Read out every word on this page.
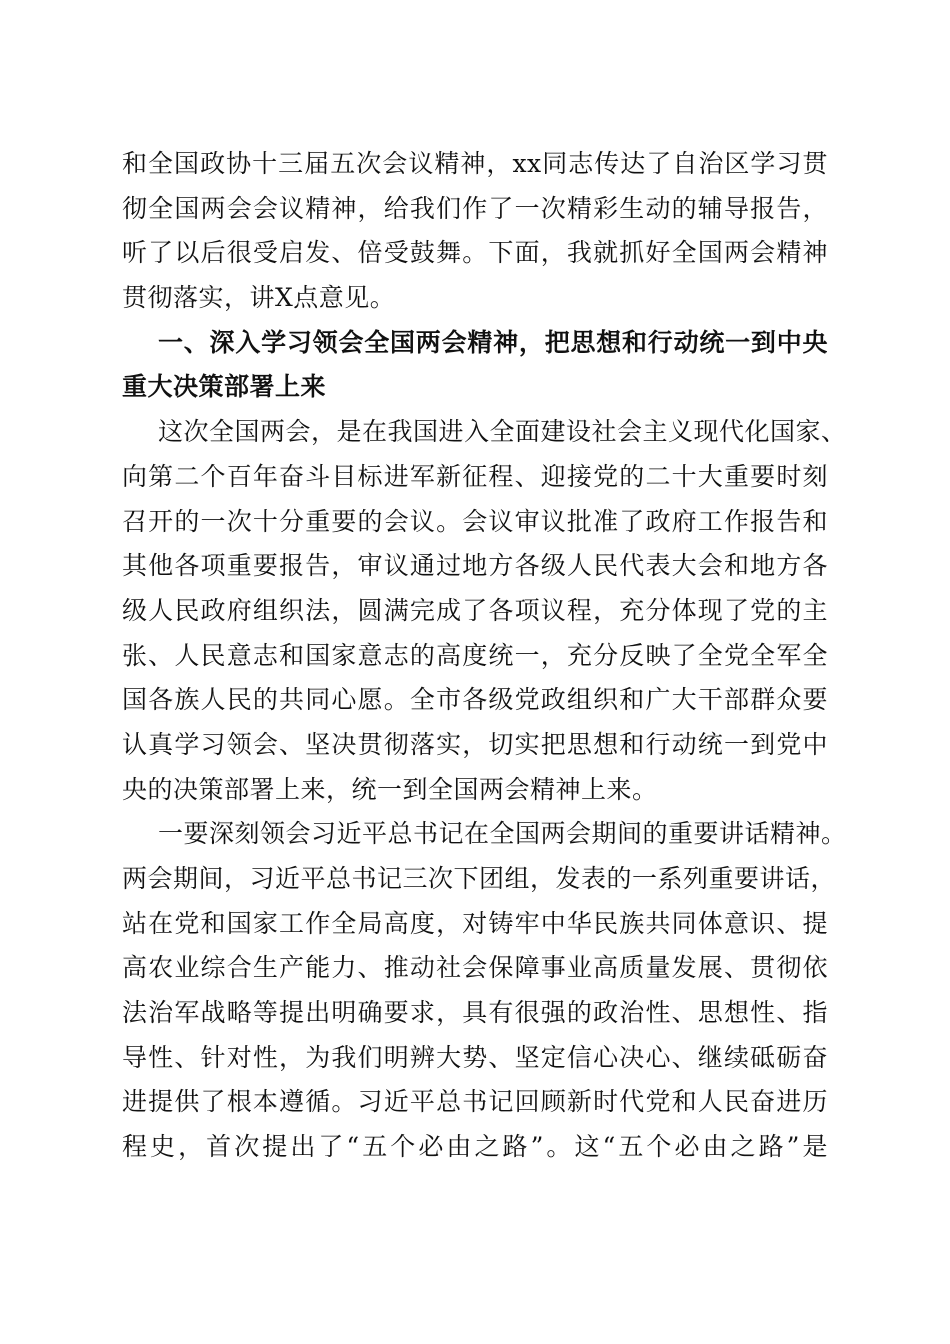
和全国政协十三届五次会议精神，xx同志传达了自治区学习贯
彻全国两会会议精神，给我们作了一次精彩生动的辅导报告，
听了以后很受启发、倍受鼓舞。下面，我就抓好全国两会精神
贯彻落实，讲X点意见。
一、深入学习领会全国两会精神，把思想和行动统一到中央
重大决策部署上来
这次全国两会，是在我国进入全面建设社会主义现代化国家、
向第二个百年奋斗目标进军新征程、迎接党的二十大重要时刻
召开的一次十分重要的会议。会议审议批准了政府工作报告和
其他各项重要报告，审议通过地方各级人民代表大会和地方各
级人民政府组织法，圆满完成了各项议程，充分体现了党的主
张、人民意志和国家意志的高度统一，充分反映了全党全军全
国各族人民的共同心愿。全市各级党政组织和广大干部群众要
认真学习领会、坚决贯彻落实，切实把思想和行动统一到党中
央的决策部署上来，统一到全国两会精神上来。
一要深刻领会习近平总书记在全国两会期间的重要讲话精神。
两会期间，习近平总书记三次下团组，发表的一系列重要讲话，
站在党和国家工作全局高度，对铸牢中华民族共同体意识、提
高农业综合生产能力、推动社会保障事业高质量发展、贯彻依
法治军战略等提出明确要求，具有很强的政治性、思想性、指
导性、针对性，为我们明辨大势、坚定信心决心、继续砥砺奋
进提供了根本遵循。习近平总书记回顾新时代党和人民奋进历
程史，首次提出了“五个必由之路”。这“五个必由之路”是
